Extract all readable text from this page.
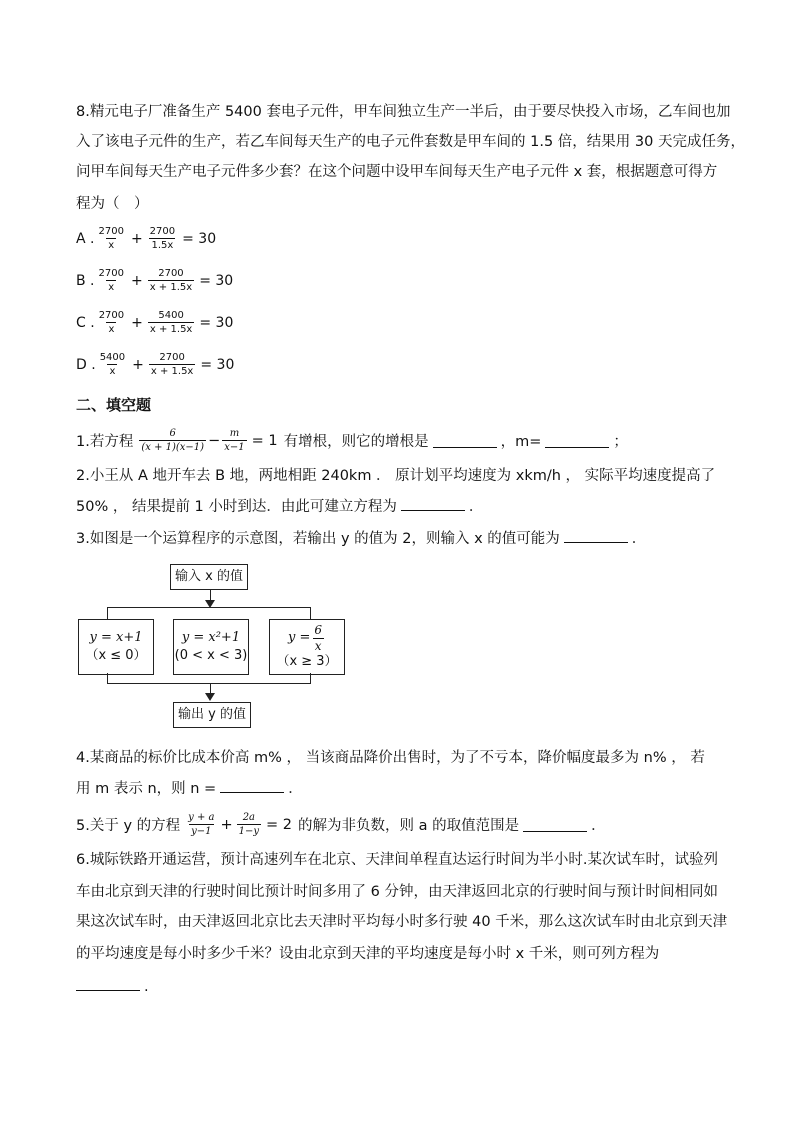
8.精元电子厂准备生产 5400 套电子元件，甲车间独立生产一半后，由于要尽快投入市场，乙车间也加
入了该电子元件的生产，若乙车间每天生产的电子元件套数是甲车间的 1.5 倍，结果用 30 天完成任务，
问甲车间每天生产电子元件多少套？在这个问题中设甲车间每天生产电子元件 x 套，根据题意可得方
程为（　）
A . $\frac{2700}{x} + \frac{2700}{1.5x} = 30$
B . $\frac{2700}{x} + \frac{2700}{x + 1.5x} = 30$
C . $\frac{2700}{x} + \frac{5400}{x + 1.5x} = 30$
D . $\frac{5400}{x} + \frac{2700}{x + 1.5x} = 30$
二、填空题
1.若方程 $\frac{6}{(x + 1)(x-1)} - \frac{m}{x-1} = 1$ 有增根，则它的增根是	，m=	；
2.小王从 A 地开车去 B 地，两地相距 240km ． 原计划平均速度为 xkm/h ， 实际平均速度提高了
50% ， 结果提前 1 小时到达．由此可建立方程为	．
3.如图是一个运算程序的示意图，若输出 y 的值为 2，则输入 x 的值可能为	．
输入 x 的值
y = x+1
（x ≤ 0）
y = x²+1
(0 < x < 3)
$y = \frac{6}{x}$
（x ≥ 3）
输出 y 的值
4.某商品的标价比成本价高 m% ， 当该商品降价出售时，为了不亏本，降价幅度最多为 n% ， 若
用 m 表示 n，则 n =	．
5.关于 y 的方程 $\frac{y + a}{y-1} + \frac{2a}{1-y} = 2$ 的解为非负数，则 a 的取值范围是	．
6.城际铁路开通运营，预计高速列车在北京、天津间单程直达运行时间为半小时.某次试车时，试验列
车由北京到天津的行驶时间比预计时间多用了 6 分钟，由天津返回北京的行驶时间与预计时间相同如
果这次试车时，由天津返回北京比去天津时平均每小时多行驶 40 千米，那么这次试车时由北京到天津
的平均速度是每小时多少千米？设由北京到天津的平均速度是每小时 x 千米，则可列方程为
.
